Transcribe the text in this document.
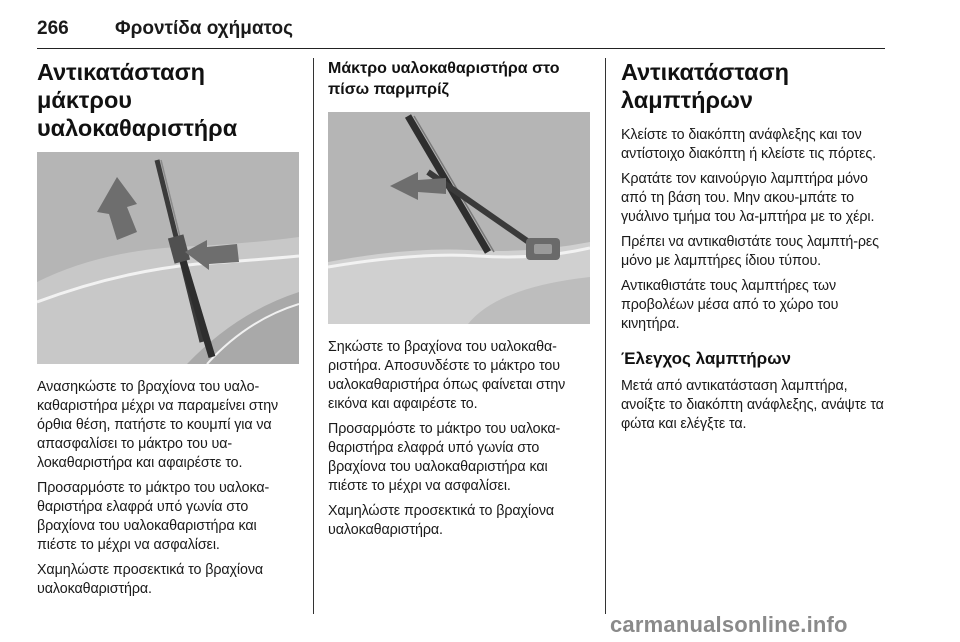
266 Φροντίδα οχήματος
Αντικατάσταση μάκτρου υαλοκαθαριστήρα

Ανασηκώστε το βραχίονα του υαλο-καθαριστήρα μέχρι να παραμείνει στην όρθια θέση, πατήστε το κουμπί για να απασφαλίσει το μάκτρο του υα-λοκαθαριστήρα και αφαιρέστε το.

Προσαρμόστε το μάκτρο του υαλοκα-θαριστήρα ελαφρά υπό γωνία στο βραχίονα του υαλοκαθαριστήρα και πιέστε το μέχρι να ασφαλίσει.

Χαμηλώστε προσεκτικά το βραχίονα υαλοκαθαριστήρα.

Μάκτρο υαλοκαθαριστήρα στο πίσω παρμπρίζ

Σηκώστε το βραχίονα του υαλοκαθα-ριστήρα. Αποσυνδέστε το μάκτρο του υαλοκαθαριστήρα όπως φαίνεται στην εικόνα και αφαιρέστε το.

Προσαρμόστε το μάκτρο του υαλοκα-θαριστήρα ελαφρά υπό γωνία στο βραχίονα του υαλοκαθαριστήρα και πιέστε το μέχρι να ασφαλίσει.

Χαμηλώστε προσεκτικά το βραχίονα υαλοκαθαριστήρα.

Αντικατάσταση λαμπτήρων

Κλείστε το διακόπτη ανάφλεξης και τον αντίστοιχο διακόπτη ή κλείστε τις πόρτες.

Κρατάτε τον καινούργιο λαμπτήρα μόνο από τη βάση του. Μην ακου-μπάτε το γυάλινο τμήμα του λα-μπτήρα με το χέρι.

Πρέπει να αντικαθιστάτε τους λαμπτή-ρες μόνο με λαμπτήρες ίδιου τύπου.

Αντικαθιστάτε τους λαμπτήρες των προβολέων μέσα από το χώρο του κινητήρα.

Έλεγχος λαμπτήρων

Μετά από αντικατάσταση λαμπτήρα, ανοίξτε το διακόπτη ανάφλεξης, ανάψτε τα φώτα και ελέγξτε τα.

carmanualsonline.info
